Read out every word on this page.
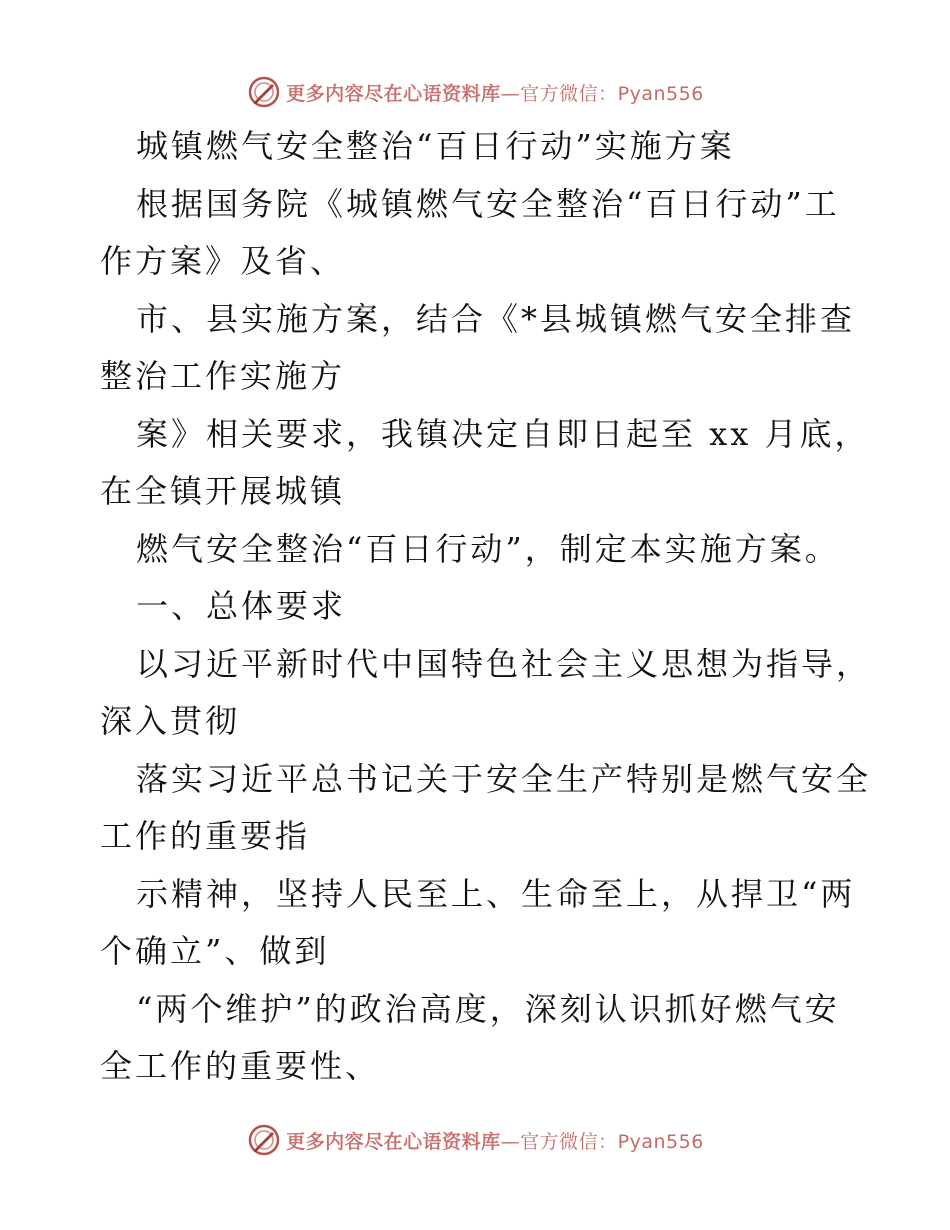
更多内容尽在心语资料库—官方微信：Pyan556
城镇燃气安全整治“百日行动”实施方案
根据国务院《城镇燃气安全整治“百日行动”工
作方案》及省、
市、县实施方案，结合《*县城镇燃气安全排查
整治工作实施方
案》相关要求，我镇决定自即日起至 xx 月底，
在全镇开展城镇
燃气安全整治“百日行动”，制定本实施方案。
一、总体要求
以习近平新时代中国特色社会主义思想为指导，
深入贯彻
落实习近平总书记关于安全生产特别是燃气安全
工作的重要指
示精神，坚持人民至上、生命至上，从捍卫“两
个确立”、做到
“两个维护”的政治高度，深刻认识抓好燃气安
全工作的重要性、
更多内容尽在心语资料库—官方微信：Pyan556
